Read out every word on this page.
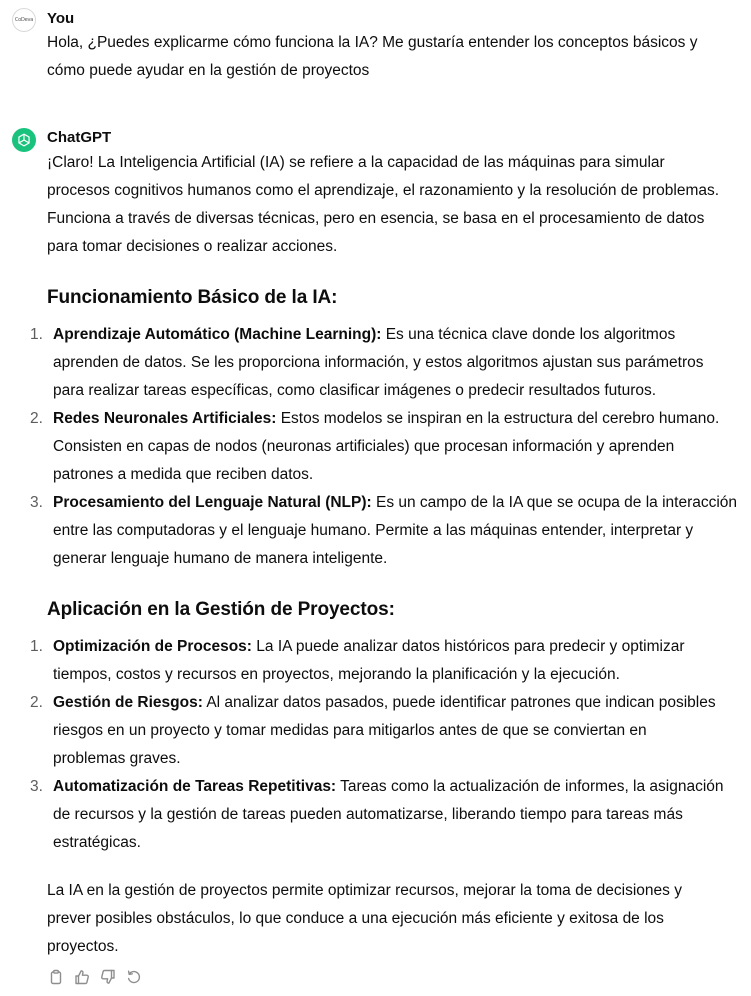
CoDeva You
Hola, ¿Puedes explicarme cómo funciona la IA? Me gustaría entender los conceptos básicos y
cómo puede ayudar en la gestión de proyectos
ChatGPT
¡Claro! La Inteligencia Artificial (IA) se refiere a la capacidad de las máquinas para simular
procesos cognitivos humanos como el aprendizaje, el razonamiento y la resolución de problemas.
Funciona a través de diversas técnicas, pero en esencia, se basa en el procesamiento de datos
para tomar decisiones o realizar acciones.
Funcionamiento Básico de la IA:
1. Aprendizaje Automático (Machine Learning): Es una técnica clave donde los algoritmos
aprenden de datos. Se les proporciona información, y estos algoritmos ajustan sus parámetros
para realizar tareas específicas, como clasificar imágenes o predecir resultados futuros.
2. Redes Neuronales Artificiales: Estos modelos se inspiran en la estructura del cerebro humano.
Consisten en capas de nodos (neuronas artificiales) que procesan información y aprenden
patrones a medida que reciben datos.
3. Procesamiento del Lenguaje Natural (NLP): Es un campo de la IA que se ocupa de la interacción
entre las computadoras y el lenguaje humano. Permite a las máquinas entender, interpretar y
generar lenguaje humano de manera inteligente.
Aplicación en la Gestión de Proyectos:
1. Optimización de Procesos: La IA puede analizar datos históricos para predecir y optimizar
tiempos, costos y recursos en proyectos, mejorando la planificación y la ejecución.
2. Gestión de Riesgos: Al analizar datos pasados, puede identificar patrones que indican posibles
riesgos en un proyecto y tomar medidas para mitigarlos antes de que se conviertan en
problemas graves.
3. Automatización de Tareas Repetitivas: Tareas como la actualización de informes, la asignación
de recursos y la gestión de tareas pueden automatizarse, liberando tiempo para tareas más
estratégicas.
La IA en la gestión de proyectos permite optimizar recursos, mejorar la toma de decisiones y
prever posibles obstáculos, lo que conduce a una ejecución más eficiente y exitosa de los
proyectos.
